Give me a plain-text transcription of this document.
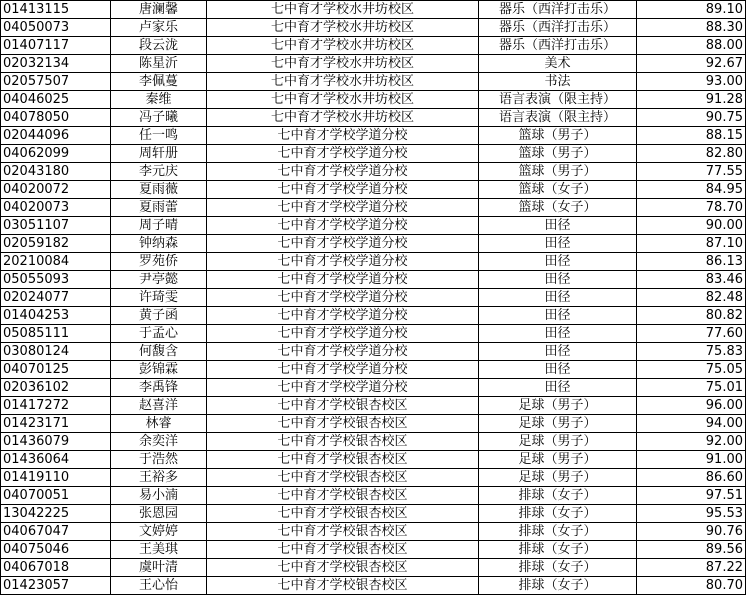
01413115	唐澜馨	七中育才学校水井坊校区	器乐（西洋打击乐）	89.10
04050073	卢家乐	七中育才学校水井坊校区	器乐（西洋打击乐）	88.30
01407117	段云泷	七中育才学校水井坊校区	器乐（西洋打击乐）	88.00
02032134	陈星沂	七中育才学校水井坊校区	美术	92.67
02057507	李佩蔓	七中育才学校水井坊校区	书法	93.00
04046025	秦维	七中育才学校水井坊校区	语言表演（限主持）	91.28
04078050	冯子曦	七中育才学校水井坊校区	语言表演（限主持）	90.75
02044096	任一鸣	七中育才学校学道分校	篮球（男子）	88.15
04062099	周轩册	七中育才学校学道分校	篮球（男子）	82.80
02043180	李元庆	七中育才学校学道分校	篮球（男子）	77.55
04020072	夏雨薇	七中育才学校学道分校	篮球（女子）	84.95
04020073	夏雨蕾	七中育才学校学道分校	篮球（女子）	78.70
03051107	周子晴	七中育才学校学道分校	田径	90.00
02059182	钟纳森	七中育才学校学道分校	田径	87.10
20210084	罗苑侨	七中育才学校学道分校	田径	86.13
05055093	尹亭懿	七中育才学校学道分校	田径	83.46
02024077	许琦雯	七中育才学校学道分校	田径	82.48
01404253	黄子函	七中育才学校学道分校	田径	80.82
05085111	于孟心	七中育才学校学道分校	田径	77.60
03080124	何馥含	七中育才学校学道分校	田径	75.83
04070125	彭锦霖	七中育才学校学道分校	田径	75.05
02036102	李禹锋	七中育才学校学道分校	田径	75.01
01417272	赵喜洋	七中育才学校银杏校区	足球（男子）	96.00
01423171	林睿	七中育才学校银杏校区	足球（男子）	94.00
01436079	余奕洋	七中育才学校银杏校区	足球（男子）	92.00
01436064	于浩然	七中育才学校银杏校区	足球（男子）	91.00
01419110	王裕多	七中育才学校银杏校区	足球（男子）	86.60
04070051	易小湳	七中育才学校银杏校区	排球（女子）	97.51
13042225	张恩园	七中育才学校银杏校区	排球（女子）	95.53
04067047	文婷婷	七中育才学校银杏校区	排球（女子）	90.76
04075046	王美琪	七中育才学校银杏校区	排球（女子）	89.56
04067018	虞叶清	七中育才学校银杏校区	排球（女子）	87.22
01423057	王心怡	七中育才学校银杏校区	排球（女子）	80.70
